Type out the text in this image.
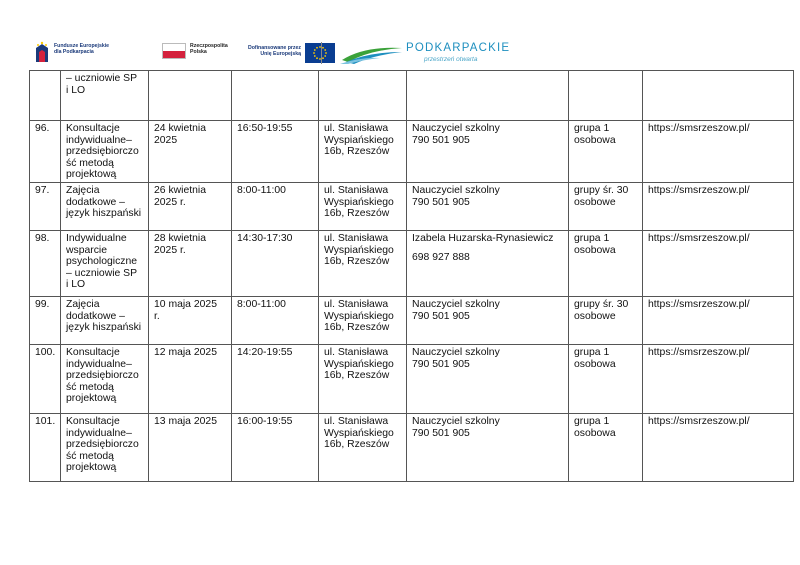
Fundusze Europejskie
dla Podkarpacia
Rzeczpospolita
Polska
Dofinansowane przez
Unię Europejską	PODKARPACKIE
przestrzeń otwarta

	– uczniowie SP
i LO						

96.	Konsultacje
indywidualne–
przedsiębiorczo
ść metodą
projektową	24 kwietnia
2025	16:50-19:55	ul. Stanisława
Wyspiańskiego
16b, Rzeszów	Nauczyciel szkolny
790 501 905	grupa 1
osobowa	https://smsrzeszow.pl/
97.	Zajęcia
dodatkowe –
język hiszpański	26 kwietnia
2025 r.	8:00-11:00	ul. Stanisława
Wyspiańskiego
16b, Rzeszów	Nauczyciel szkolny
790 501 905	grupy śr. 30
osobowe	https://smsrzeszow.pl/
98.	Indywidualne
wsparcie
psychologiczne
– uczniowie SP
i LO	28 kwietnia
2025 r.	14:30-17:30	ul. Stanisława
Wyspiańskiego
16b, Rzeszów	Izabela Huzarska-Rynasiewicz
698 927 888	grupa 1
osobowa	https://smsrzeszow.pl/
99.	Zajęcia
dodatkowe –
język hiszpański	10 maja 2025
r.	8:00-11:00	ul. Stanisława
Wyspiańskiego
16b, Rzeszów	Nauczyciel szkolny
790 501 905	grupy śr. 30
osobowe	https://smsrzeszow.pl/
100.	Konsultacje
indywidualne–
przedsiębiorczo
ść metodą
projektową	12 maja 2025	14:20-19:55	ul. Stanisława
Wyspiańskiego
16b, Rzeszów	Nauczyciel szkolny
790 501 905	grupa 1
osobowa	https://smsrzeszow.pl/
101.	Konsultacje
indywidualne–
przedsiębiorczo
ść metodą
projektową	13 maja 2025	16:00-19:55	ul. Stanisława
Wyspiańskiego
16b, Rzeszów	Nauczyciel szkolny
790 501 905	grupa 1
osobowa	https://smsrzeszow.pl/
